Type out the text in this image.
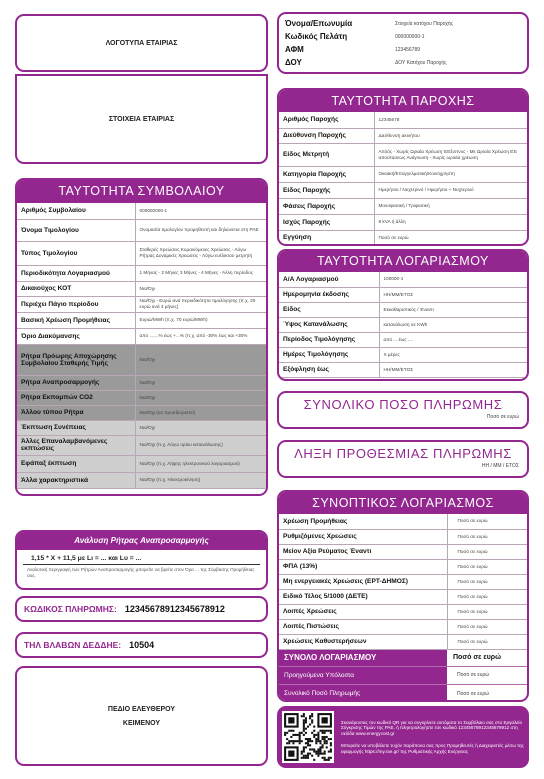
ΛΟΓΟΤΥΠΑ ΕΤΑΙΡΙΑΣ
ΣΤΟΙΧΕΙΑ ΕΤΑΙΡΙΑΣ
Όνομα/Επωνυμία	Στοιχεία κατόχου Παροχής
Κωδικός Πελάτη	000000000-1
ΑΦΜ	123456789
ΔΟΥ	ΔΟΥ Κατόχου Παροχής
ΤΑΥΤΟΤΗΤΑ ΠΑΡΟΧΗΣ
Αριθμός Παροχής	12345678
Διεύθυνση Παροχής	Διεύθυνση ακινήτου
Είδος Μετρητή	Απλός - Χωρίς Ωριαία Χρέωση ΈΕξυπνος - Με Ωριαία Χρέωση ΕΈ αποστασεως Ανάγνωση - Χωρίς ωριαία χρέωση
Κατηγορία Παροχής	Οικιακή/Επαγγελματική/Κοινόχρηστη
Είδος Παροχής	Ημερήσιο / Νυχτερινό / Ημερήσιο + Νυχτερινό
Φάσεις Παροχής	Μονοφασική / Τριφασική
Ισχύς Παροχής	8 kVA ή άλλη
Εγγύηση	Ποσό σε ευρώ
ΤΑΥΤΟΤΗΤΑ ΣΥΜΒΟΛΑΙΟΥ
Αριθμός Συμβολαίου	000000000-1
Όνομα Τιμολογίου	Ονομασία τιμολογίου προμηθευτή και δηλώνεται στη ΡΑΕ
Τύπος Τιμολογίου	Σταθερές Χρεώσεις Κυμαινόμενες Χρεώσεις - Λόγω Ρήτρας Δυναμικές Χρεώσεις - Λόγω ευέλικτου μετρητή
Περιοδικότητα Λογαριασμού	1 Μήνας - 2 Μήνες 3 Μήνες - 4 Μήνες - Άλλη περίοδος
Δικαιούχος ΚΟΤ	Ναι/Όχι
Περιέχει Πάγιο περίοδου	Ναι/Όχι - Ευρώ ανά περιοδικότητα τιμολόγησης (π.χ. 20 ευρώ ανά 4 μήνες)
Βασική Χρέωση Προμήθειας	Ευρώ/MWh (π.χ. 70 ευρώ/MWh)
Όριο Διακύμανσης	από ...,...% έως +...% (π.χ. από -30% έως και +30%
Ρήτρα Πρόωρης Αποχώρησης Συμβολαίου Σταθερής Τιμής	Ναι/Όχι
Ρήτρα Αναπροσαρμογής	Ναι/Όχι
Ρήτρα Εκπομπών CO2	Ναι/Όχι
Άλλου τύπου Ρήτρα	Ναι/Όχι (να προσδιοριστεί)
Έκπτωση Συνέπειας	Ναι/Όχι
Άλλες Επαναλαμβανόμενες εκπτώσεις	Ναι/Όχι (π.χ. Λόγω ορίου κατανάλωσης)
Εφάπαξ έκπτωση	Ναι/Όχι (π.χ. Λήψης ηλεκτρονικού λογαριασμού)
Άλλα χαρακτηριστικά	Ναι/Όχι (π.χ. Ηλεκτροκίνηση)
ΤΑΥΤΟΤΗΤΑ ΛΟΓΑΡΙΑΣΜΟΥ
Α/Α Λογαριασμού	100000-1
Ημερομηνία έκδοσης	HH/MM/ΕΤΟΣ
Είδος	Εκκαθαριστικός / Έναντι
Ύψος Κατανάλωσης	κατανάλωση σε KWh
Περίοδος Τιμολόγησης	από ... έως ....
Ημέρες Τιμολόγησης	Χ μέρες
Εξόφληση έως	HH/MM/ΕΤΟΣ
ΣΥΝΟΛΙΚΟ ΠΟΣΟ ΠΛΗΡΩΜΗΣ
Ποσό σε ευρώ
ΛΗΞΗ ΠΡΟΘΕΣΜΙΑΣ ΠΛΗΡΩΜΗΣ
HH / MM / ΕΤΟΣ
ΣΥΝΟΠΤΙΚΟΣ ΛΟΓΑΡΙΑΣΜΟΣ
Χρέωση Προμήθειας	Ποσό σε ευρώ
Ρυθμιζόμενες Χρεώσεις	Ποσό σε ευρώ
Μείον Αξία Ρεύματος Έναντι	Ποσό σε ευρώ
ΦΠΑ (13%)	Ποσό σε ευρώ
Μη ενεργειακές Χρεώσεις (ΕΡΤ-ΔΗΜΟΣ)	Ποσό σε ευρώ
Ειδικό Τέλος 5/1000 (ΔΕΤΕ)	Ποσό σε ευρώ
Λοιπές Χρεώσεις	Ποσό σε ευρώ
Λοιπές Πιστώσεις	Ποσό σε ευρώ
Χρεώσεις Καθυστερήσεων	Ποσό σε ευρώ
ΣΥΝΟΛΟ ΛΟΓΑΡΙΑΣΜΟΥ	Ποσό σε ευρώ
Προηγούμενα Υπόλοιπα	Ποσό σε ευρώ
Συνολικό Ποσό Πληρωμής	Ποσό σε ευρώ
Ανάλυση Ρήτρας Αναπροσαρμογής
1,15 * Χ + 11,5 με Lι = ... και Lυ = ...
Αναλυτική περιγραφή των Ρήτρών Αναπροσαρμογής μπορείτε να βρείτε στον Όρο ... της Σύμβασης Προμήθειας σας.
ΚΩΔΙΚΟΣ ΠΛΗΡΩΜΗΣ: 12345678912345678912
ΤΗΛ ΒΛΑΒΩΝ ΔΕΔΔΗΕ: 10504
ΠΕΔΙΟ ΕΛΕΥΘΕΡΟΥ
ΚΕΙΜΕΝΟΥ	Σκανάροντας τον κωδικό QR για να συγκρίνετε αυτόματα το Συμβόλαιο σας στο Εργαλείο Σύγκρισης Τιμών της ΡΑΕ, ή πληκτρολογήστε τον κωδικό 12345678912345678912 στη σελίδα www.energycost.gr
Μπορείτε να υποβάλετε τυχόν παράπονα σας προς Προμηθευτές ή Διαχειριστές μέσω της εφαρμογής https://my.rae.gr/ της Ρυθμιστικής Αρχής Ενέργειας
